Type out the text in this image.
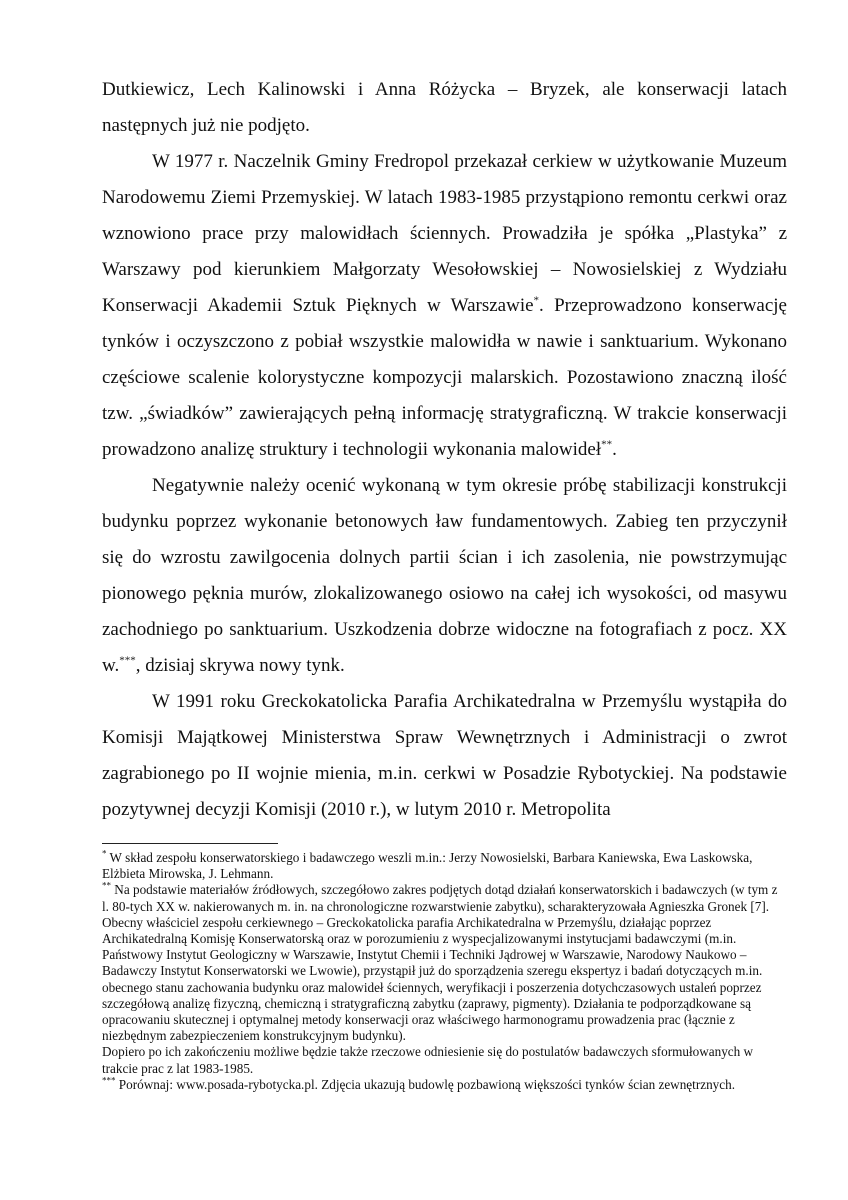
Dutkiewicz, Lech Kalinowski i Anna Różycka – Bryzek, ale konserwacji latach następnych już nie podjęto.

W 1977 r. Naczelnik Gminy Fredropol przekazał cerkiew w użytkowanie Muzeum Narodowemu Ziemi Przemyskiej. W latach 1983-1985 przystąpiono remontu cerkwi oraz wznowiono prace przy malowidłach ściennych. Prowadziła je spółka „Plastyka” z Warszawy pod kierunkiem Małgorzaty Wesołowskiej – Nowosielskiej z Wydziału Konserwacji Akademii Sztuk Pięknych w Warszawie*. Przeprowadzono konserwację tynków i oczyszczono z pobiał wszystkie malowidła w nawie i sanktuarium. Wykonano częściowe scalenie kolorystyczne kompozycji malarskich. Pozostawiono znaczną ilość tzw. „świadków” zawierających pełną informację stratygraficzną. W trakcie konserwacji prowadzono analizę struktury i technologii wykonania malowideł**.

Negatywnie należy ocenić wykonaną w tym okresie próbę stabilizacji konstrukcji budynku poprzez wykonanie betonowych ław fundamentowych. Zabieg ten przyczynił się do wzrostu zawilgocenia dolnych partii ścian i ich zasolenia, nie powstrzymując pionowego pęknia murów, zlokalizowanego osiowo na całej ich wysokości, od masywu zachodniego po sanktuarium. Uszkodzenia dobrze widoczne na fotografiach z pocz. XX w.***, dzisiaj skrywa nowy tynk.

W 1991 roku Greckokatolicka Parafia Archikatedralna w Przemyślu wystąpiła do Komisji Majątkowej Ministerstwa Spraw Wewnętrznych i Administracji o zwrot zagrabionego po II wojnie mienia, m.in. cerkwi w Posadzie Rybotyckiej. Na podstawie pozytywnej decyzji Komisji (2010 r.), w lutym 2010 r. Metropolita

* W skład zespołu konserwatorskiego i badawczego weszli m.in.: Jerzy Nowosielski, Barbara Kaniewska, Ewa Laskowska, Elżbieta Mirowska, J. Lehmann.

** Na podstawie materiałów źródłowych, szczegółowo zakres podjętych dotąd działań konserwatorskich i badawczych (w tym z l. 80-tych XX w. nakierowanych m. in. na chronologiczne rozwarstwienie zabytku), scharakteryzowała Agnieszka Gronek [7]. Obecny właściciel zespołu cerkiewnego – Greckokatolicka parafia Archikatedralna w Przemyślu, działając poprzez Archikatedralną Komisję Konserwatorską oraz w porozumieniu z wyspecjalizowanymi instytucjami badawczymi (m.in. Państwowy Instytut Geologiczny w Warszawie, Instytut Chemii i Techniki Jądrowej w Warszawie, Narodowy Naukowo – Badawczy Instytut Konserwatorski we Lwowie), przystąpił już do sporządzenia szeregu ekspertyz i badań dotyczących m.in. obecnego stanu zachowania budynku oraz malowideł ściennych, weryfikacji i poszerzenia dotychczasowych ustaleń poprzez szczegółową analizę fizyczną, chemiczną i stratygraficzną zabytku (zaprawy, pigmenty). Działania te podporządkowane są opracowaniu skutecznej i optymalnej metody konserwacji oraz właściwego harmonogramu prowadzenia prac (łącznie z niezbędnym zabezpieczeniem konstrukcyjnym budynku).

Dopiero po ich zakończeniu możliwe będzie także rzeczowe odniesienie się do postulatów badawczych sformułowanych w trakcie prac z lat 1983-1985.

*** Porównaj: www.posada-rybotycka.pl. Zdjęcia ukazują budowlę pozbawioną większości tynków ścian zewnętrznych.
